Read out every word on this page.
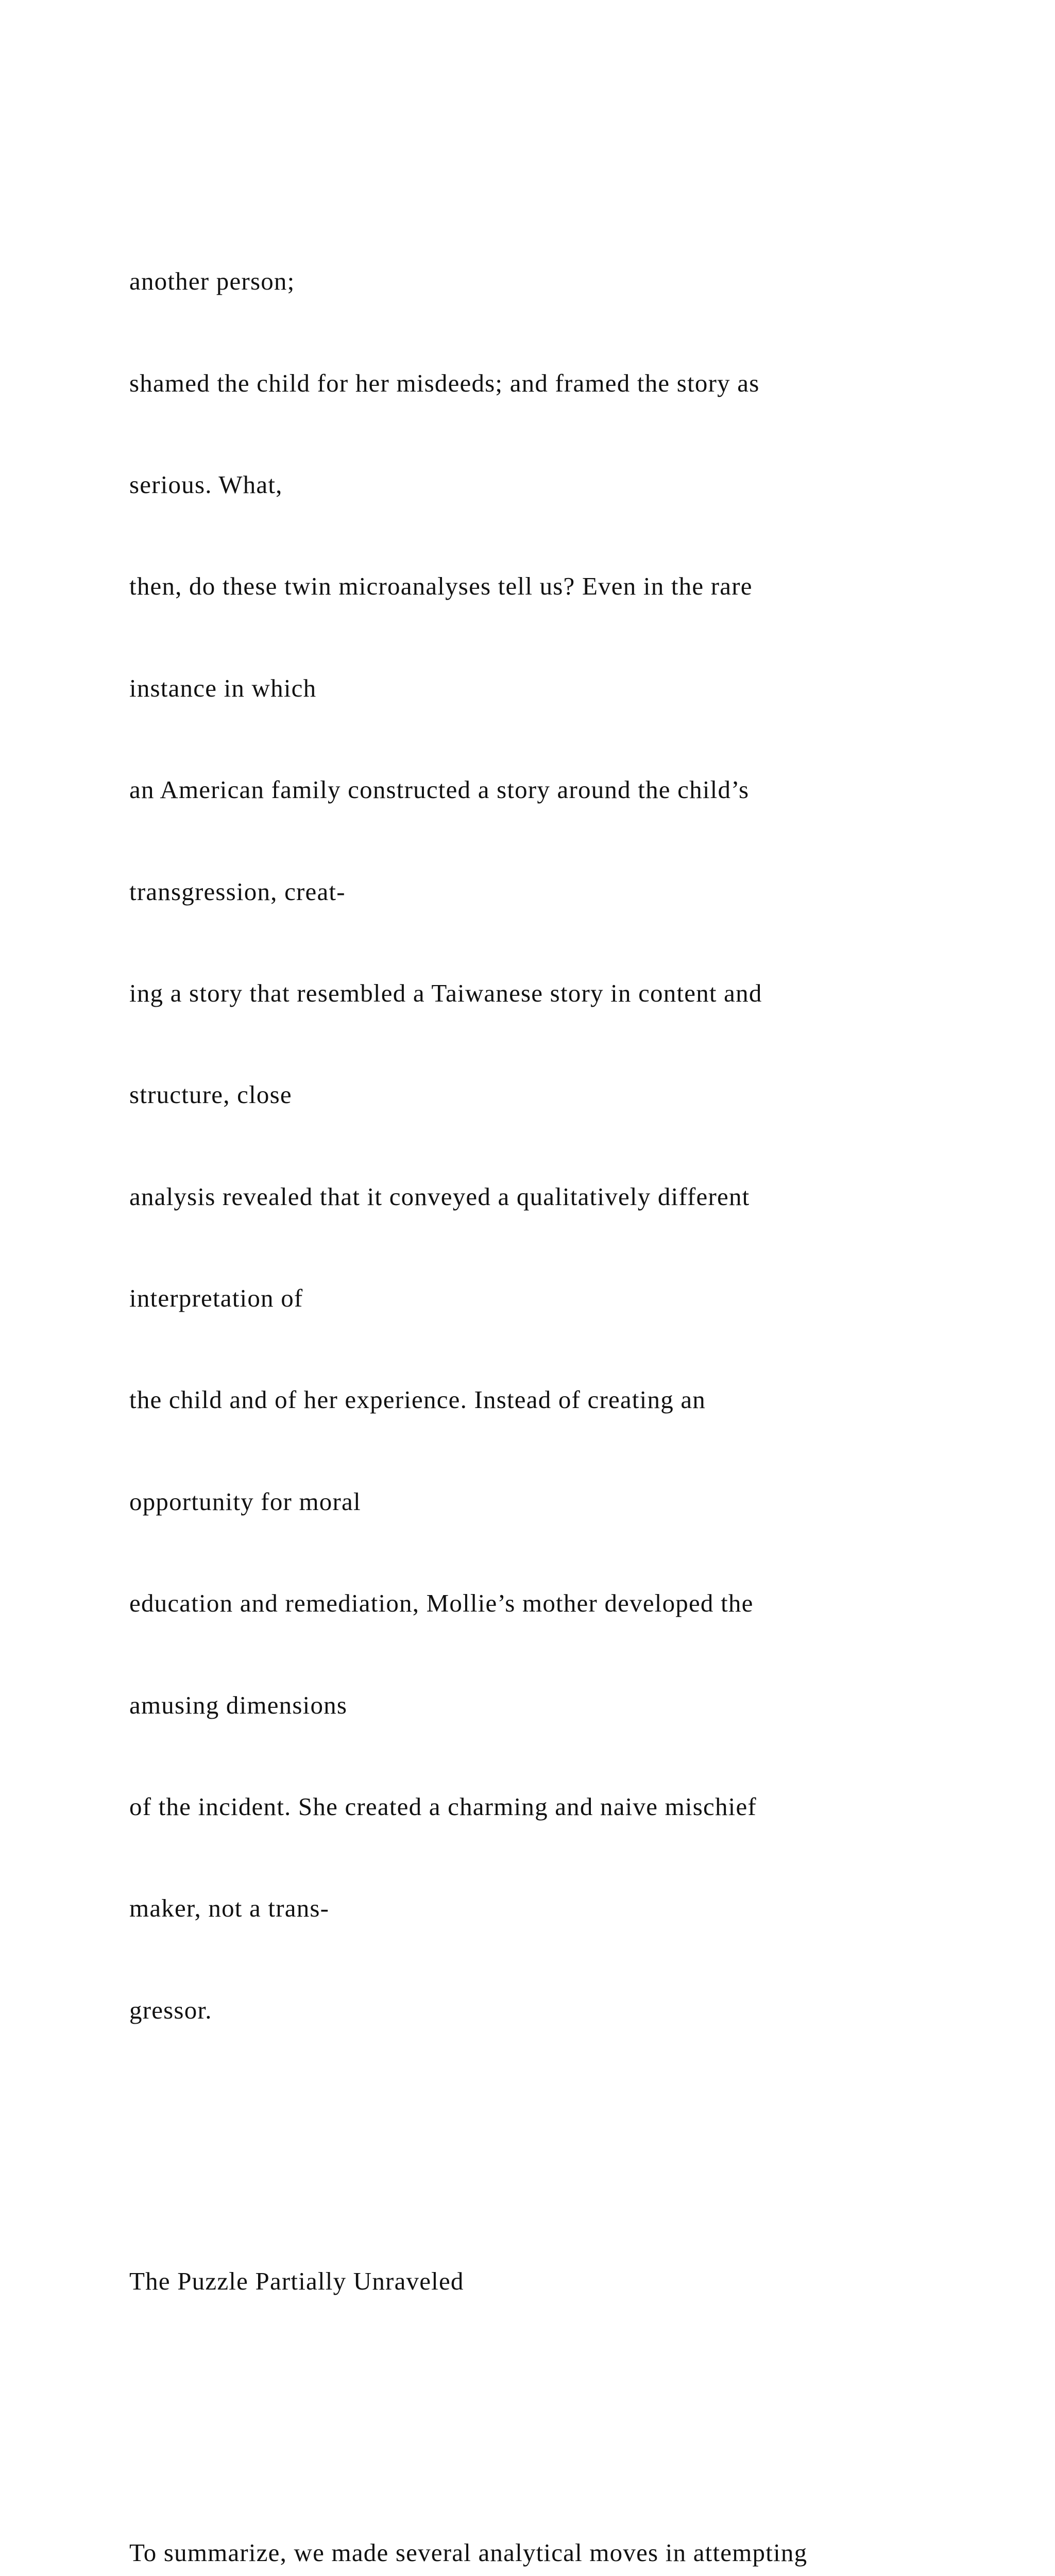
another person;

shamed the child for her misdeeds; and framed the story as

serious. What,

then, do these twin microanalyses tell us? Even in the rare

instance in which

an American family constructed a story around the child’s

transgression, creat-

ing a story that resembled a Taiwanese story in content and

structure, close

analysis revealed that it conveyed a qualitatively different

interpretation of

the child and of her experience. Instead of creating an

opportunity for moral

education and remediation, Mollie’s mother developed the

amusing dimensions

of the incident. She created a charming and naive mischief

maker, not a trans-

gressor.

The Puzzle Partially Unraveled

To summarize, we made several analytical moves in attempting
